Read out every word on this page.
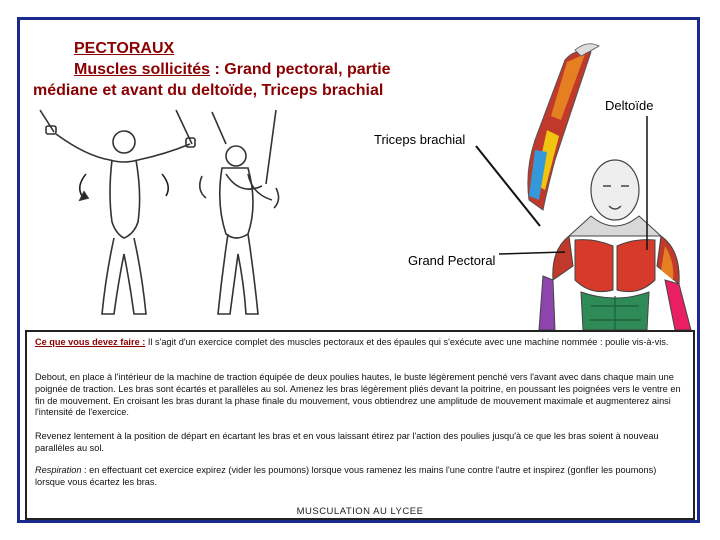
PECTORAUX
Muscles sollicités : Grand pectoral, partie
médiane et avant du deltoïde, Triceps brachial
Deltoïde
Triceps brachial
Grand Pectoral
Ce que vous devez faire : Il s'agit d'un exercice complet des muscles pectoraux et des épaules qui s'exécute avec une machine nommée : poulie vis-à-vis.
Debout, en place à l'intérieur de la machine de traction équipée de deux poulies hautes, le buste légèrement penché vers l'avant avec dans chaque main une poignée de traction. Les bras sont écartés et parallèles au sol. Amenez les bras légèrement pliés devant la poitrine, en poussant les poignées vers le ventre en fin de mouvement. En croisant les bras durant la phase finale du mouvement, vous obtiendrez une amplitude de mouvement maximale et augmenterez ainsi l'intensité de l'exercice.
Revenez lentement à la position de départ en écartant les bras et en vous laissant étirez par l'action des poulies jusqu'à ce que les bras soient à nouveau parallèles au sol.
Respiration : en effectuant cet exercice expirez (vider les poumons) lorsque vous ramenez les mains l'une contre l'autre et inspirez (gonfler les poumons) lorsque vous écartez les bras.
MUSCULATION AU LYCEE
